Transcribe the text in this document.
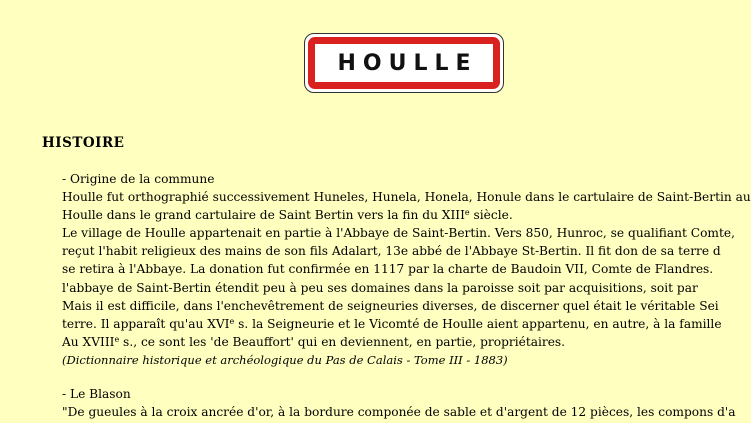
HOULLE
HISTOIRE
- Origine de la commune
Houlle fut orthographié successivement Huneles, Hunela, Honela, Honule dans le cartulaire de Saint-Bertin au
Houlle dans le grand cartulaire de Saint Bertin vers la fin du XIIIe siècle.
Le village de Houlle appartenait en partie à l'Abbaye de Saint-Bertin. Vers 850, Hunroc, se qualifiant Comte,
reçut l'habit religieux des mains de son fils Adalart, 13e abbé de l'Abbaye St-Bertin. Il fit don de sa terre d
se retira à l'Abbaye. La donation fut confirmée en 1117 par la charte de Baudoin VII, Comte de Flandres.
l'abbaye de Saint-Bertin étendit peu à peu ses domaines dans la paroisse soit par acquisitions, soit par
Mais il est difficile, dans l'enchevêtrement de seigneuries diverses, de discerner quel était le véritable Sei
terre. Il apparaît qu'au XVIe s. la Seigneurie et le Vicomté de Houlle aient appartenu, en autre, à la famille
Au XVIIIe s., ce sont les 'de Beauffort' qui en deviennent, en partie, propriétaires.
(Dictionnaire historique et archéologique du Pas de Calais - Tome III - 1883)
- Le Blason
"De gueules à la croix ancrée d'or, à la bordure componée de sable et d'argent de 12 pièces, les compons d'a
